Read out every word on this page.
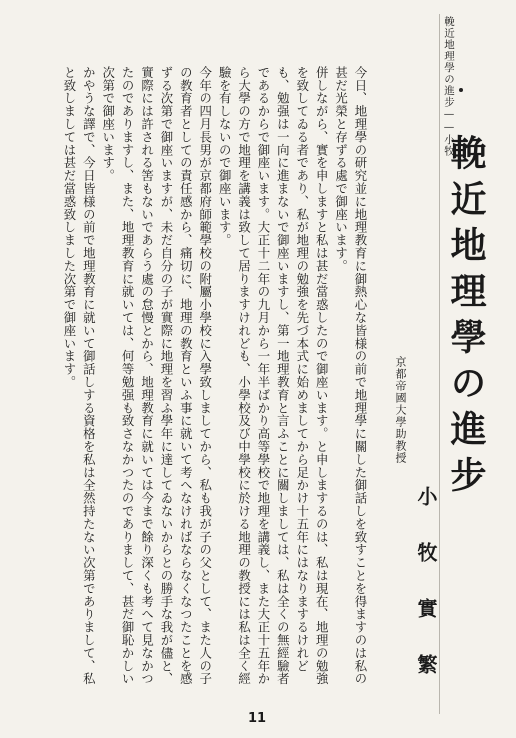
輓近地理學の進步——小牧
輓近地理學の進步
京都帝國大學助教授
小牧實繁

今日、地理學の研究並に地理教育に御熱心な皆様の前で地理學に關した御話しを致すことを得ますのは私の甚だ光榮と存ずる處で御座います。

併しながら、實を申しますと私は甚だ當惑したので御座います。と申しまするのは、私は現在、地理の勉強を致してゐる者であり、私が地理の勉強を先づ本式に始めましてから足かけ十五年にはなりまするけれども、勉强は一向に進まないで御座いますし、第一地理教育と言ふことに關しましては、私は全くの無經驗者であるからで御座います。大正十二年の九月から一年半ばかり高等學校で地理を講義し、また大正十五年から大學の方で地理を講義は致して居りますけれども、小學校及び中學校に於ける地理の教授には私は全く經驗を有しないので御座います。

今年の四月長男が京都府師範學校の附屬小學校に入學致しましてから、私も我が子の父として、また人の子の教育者としての責任感から、痛切に、地理の教育といふ事に就いて考へなければならなくなつたことを感ずる次第で御座いますが、未だ自分の子が實際に地理を習ふ學年に達してゐないからとの勝手な我が儘と、實際には許される筈もないであらう處の怠慢とから、地理教育に就いては今まで餘り深くも考へて見なかつたのでありますし、また、地理教育に就いては、何等勉强も致さなかつたのでありまして、甚だ御恥かしい次第で御座います。

かやうな譯で、今日皆様の前で地理教育に就いて御話しする資格を私は全然持たない次第でありまして、私と致しましては甚だ當惑致しました次第で御座います。

11
